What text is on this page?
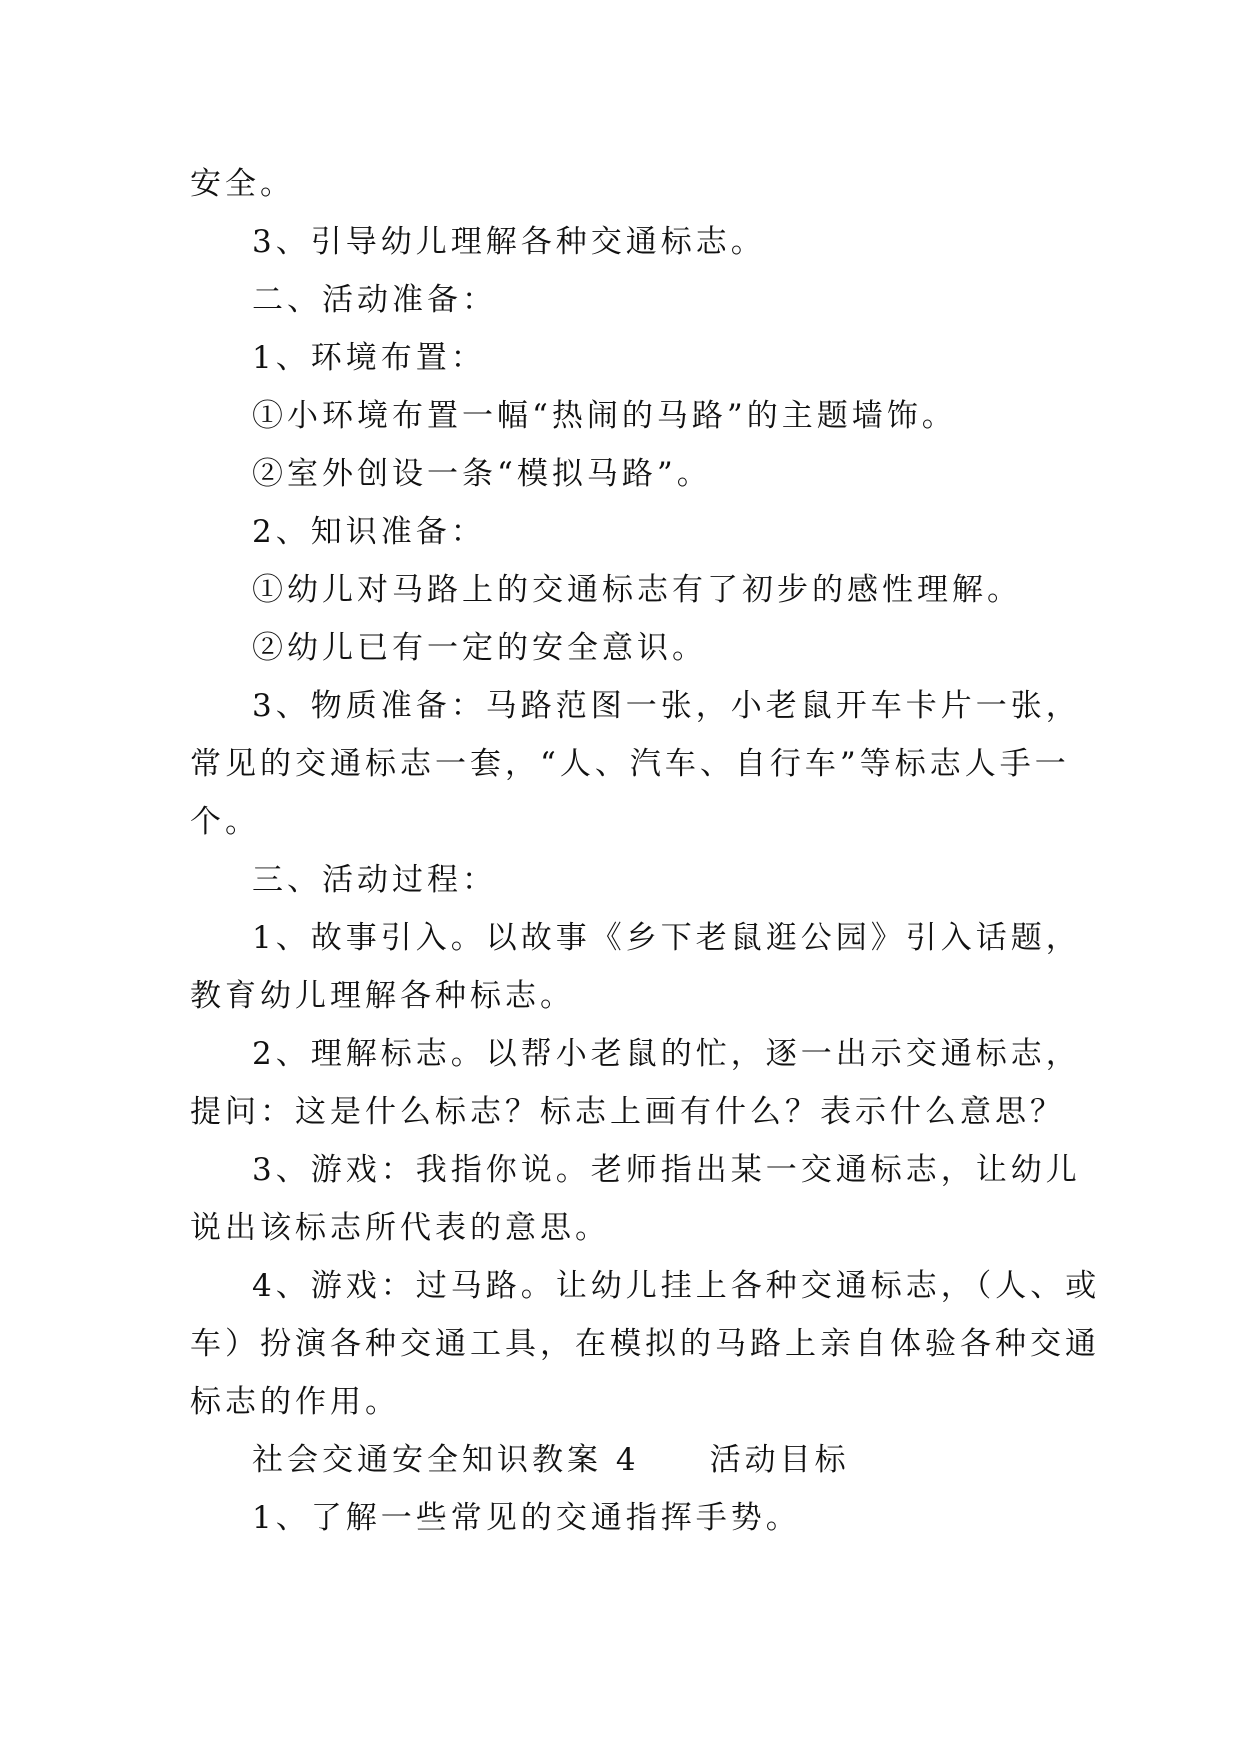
安全。
3、引导幼儿理解各种交通标志。
二、活动准备：
1、环境布置：
①小环境布置一幅“热闹的马路”的主题墙饰。
②室外创设一条“模拟马路”。
2、知识准备：
①幼儿对马路上的交通标志有了初步的感性理解。
②幼儿已有一定的安全意识。
3、物质准备：马路范图一张，小老鼠开车卡片一张，
常见的交通标志一套，“人、汽车、自行车”等标志人手一
个。
三、活动过程：
1、故事引入。以故事《乡下老鼠逛公园》引入话题，
教育幼儿理解各种标志。
2、理解标志。以帮小老鼠的忙，逐一出示交通标志，
提问：这是什么标志？标志上画有什么？表示什么意思？
3、游戏：我指你说。老师指出某一交通标志，让幼儿
说出该标志所代表的意思。
4、游戏：过马路。让幼儿挂上各种交通标志，（人、或
车）扮演各种交通工具，在模拟的马路上亲自体验各种交通
标志的作用。
社会交通安全知识教案 4　　活动目标
1、了解一些常见的交通指挥手势。
